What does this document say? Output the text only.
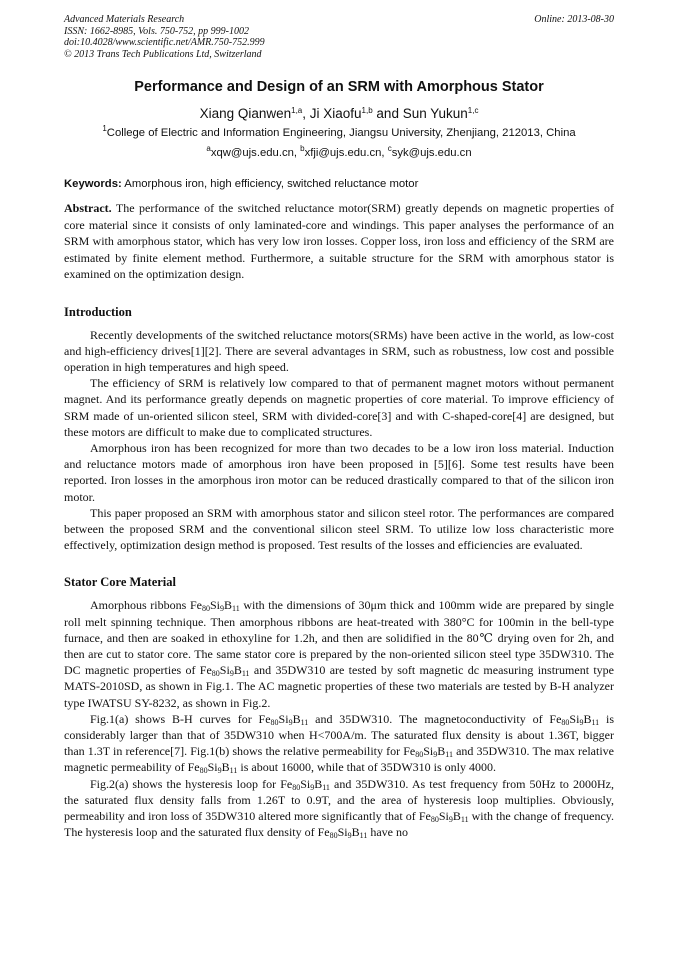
Advanced Materials Research
ISSN: 1662-8985, Vols. 750-752, pp 999-1002
doi:10.4028/www.scientific.net/AMR.750-752.999
© 2013 Trans Tech Publications Ltd, Switzerland
Online: 2013-08-30
Performance and Design of an SRM with Amorphous Stator
Xiang Qianwen$^{1,a}$, Ji Xiaofu$^{1,b}$ and Sun Yukun$^{1,c}$
$^1$College of Electric and Information Engineering, Jiangsu University, Zhenjiang, 212013, China
$^a$xqw@ujs.edu.cn, $^b$xfji@ujs.edu.cn, $^c$syk@ujs.edu.cn
Keywords: Amorphous iron, high efficiency, switched reluctance motor
Abstract. The performance of the switched reluctance motor(SRM) greatly depends on magnetic properties of core material since it consists of only laminated-core and windings. This paper analyses the performance of an SRM with amorphous stator, which has very low iron losses. Copper loss, iron loss and efficiency of the SRM are estimated by finite element method. Furthermore, a suitable structure for the SRM with amorphous stator is examined on the optimization design.
Introduction

Recently developments of the switched reluctance motors(SRMs) have been active in the world, as low-cost and high-efficiency drives[1][2]. There are several advantages in SRM, such as robustness, low cost and possible operation in high temperatures and high speed.

The efficiency of SRM is relatively low compared to that of permanent magnet motors without permanent magnet. And its performance greatly depends on magnetic properties of core material. To improve efficiency of SRM made of un-oriented silicon steel, SRM with divided-core[3] and with C-shaped-core[4] are designed, but these motors are difficult to make due to complicated structures.

Amorphous iron has been recognized for more than two decades to be a low iron loss material. Induction and reluctance motors made of amorphous iron have been proposed in [5][6]. Some test results have been reported. Iron losses in the amorphous iron motor can be reduced drastically compared to that of the silicon iron motor.

This paper proposed an SRM with amorphous stator and silicon steel rotor. The performances are compared between the proposed SRM and the conventional silicon steel SRM. To utilize low loss characteristic more effectively, optimization design method is proposed. Test results of the losses and efficiencies are evaluated.

Stator Core Material

Amorphous ribbons $Fe_{80}Si_9B_{11}$ with the dimensions of 30μm thick and 100mm wide are prepared by single roll melt spinning technique. Then amorphous ribbons are heat-treated with 380°C for 100min in the bell-type furnace, and then are soaked in ethoxyline for 1.2h, and then are solidified in the 80℃ drying oven for 2h, and then are cut to stator core. The same stator core is prepared by the non-oriented silicon steel type 35DW310. The DC magnetic properties of $Fe_{80}Si_9B_{11}$ and 35DW310 are tested by soft magnetic dc measuring instrument type MATS-2010SD, as shown in Fig.1. The AC magnetic properties of these two materials are tested by B-H analyzer type IWATSU SY-8232, as shown in Fig.2.

Fig.1(a) shows B-H curves for $Fe_{80}Si_9B_{11}$ and 35DW310. The magnetoconductivity of $Fe_{80}Si_9B_{11}$ is considerably larger than that of 35DW310 when H<700A/m. The saturated flux density is about 1.36T, bigger than 1.3T in reference[7]. Fig.1(b) shows the relative permeability for $Fe_{80}Si_9B_{11}$ and 35DW310. The max relative magnetic permeability of $Fe_{80}Si_9B_{11}$ is about 16000, while that of 35DW310 is only 4000.

Fig.2(a) shows the hysteresis loop for $Fe_{80}Si_9B_{11}$ and 35DW310. As test frequency from 50Hz to 2000Hz, the saturated flux density falls from 1.26T to 0.9T, and the area of hysteresis loop multiplies. Obviously, permeability and iron loss of 35DW310 altered more significantly that of $Fe_{80}Si_9B_{11}$ with the change of frequency. The hysteresis loop and the saturated flux density of $Fe_{80}Si_9B_{11}$ have no
